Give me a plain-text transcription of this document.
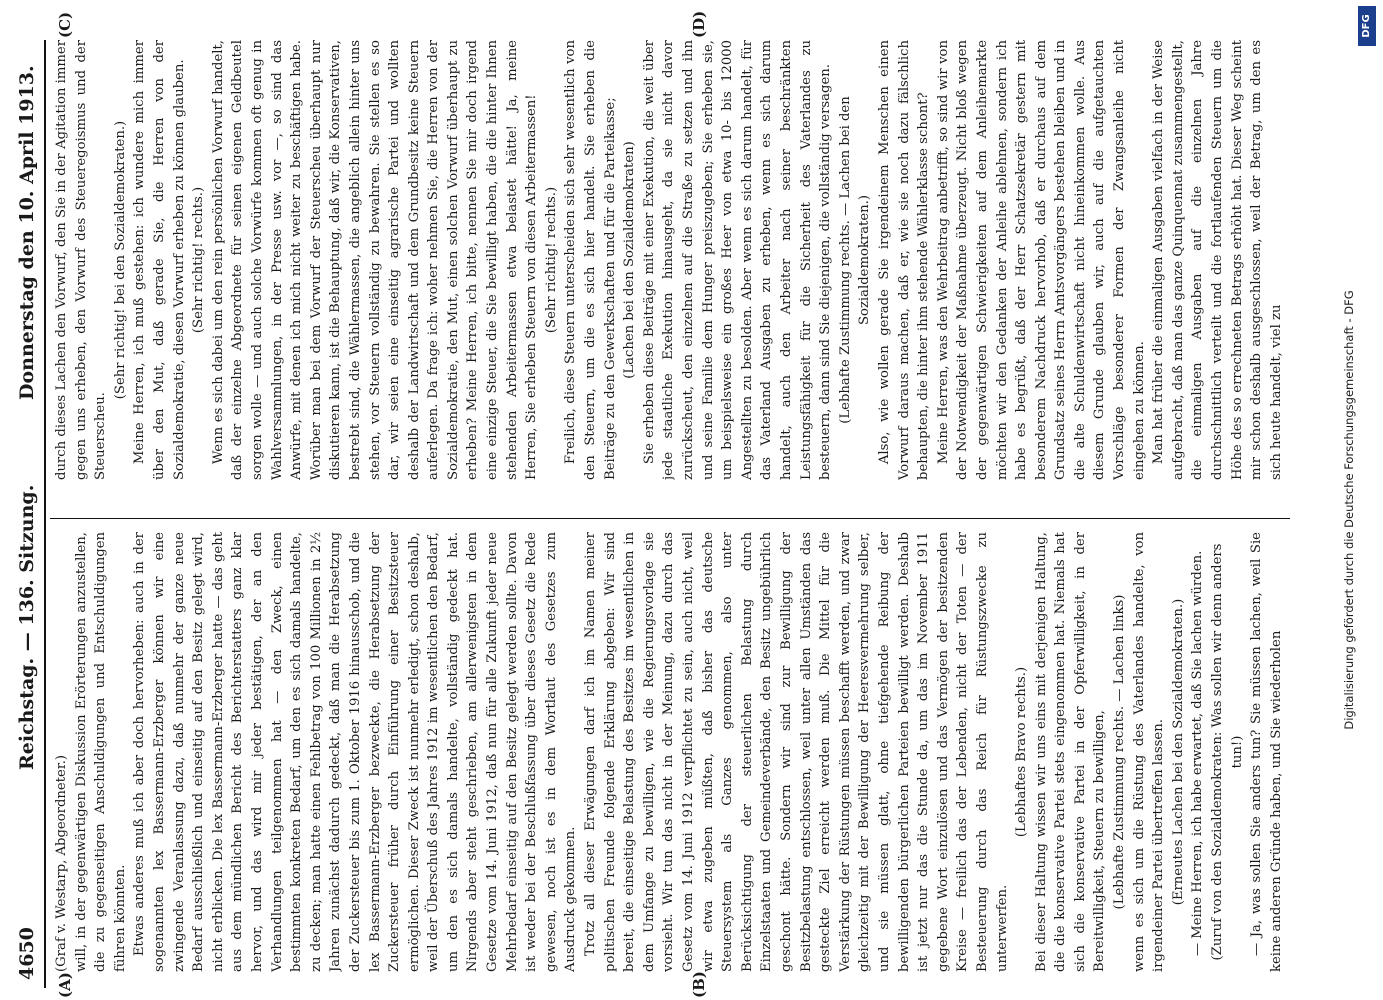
4650
Reichstag. — 136. Sitzung.
Donnerstag den 10. April 1913.
(A)	(B)
(C)	(D)

(Graf v. Westarp, Abgeordneter.) will, in der gegenwärtigen Diskussion Erörterungen anzustellen, die zu gegenseitigen Anschuldigungen und Entschuldigungen führen könnten. Etwas anderes muß ich aber doch hervorheben: auch in der sogenannten lex Bassermann-Erzberger können wir eine zwingende Veranlassung dazu, daß nunmehr der ganze neue Bedarf ausschließlich und einseitig auf den Besitz gelegt wird, nicht erblicken. Die lex Bassermann-Erzberger hatte — das geht aus dem mündlichen Bericht des Berichterstatters ganz klar hervor, und das wird mir jeder bestätigen, der an den Verhandlungen teilgenommen hat — den Zweck, einen bestimmten konkreten Bedarf, um den es sich damals handelte, zu decken; man hatte einen Fehlbetrag von 100 Millionen in 2½ Jahren zunächst dadurch gedeckt, daß man die Herabsetzung der Zuckersteuer bis zum 1. Oktober 1916 hinausschob, und die lex Bassermann-Erzberger bezweckte, die Herabsetzung der Zuckersteuer früher durch Einführung einer Besitzsteuer ermöglichen. Dieser Zweck ist nunmehr erledigt, schon deshalb, weil der Überschuß des Jahres 1912 im wesentlichen den Bedarf, um den es sich damals handelte, vollständig gedeckt hat. Nirgends aber steht geschrieben, am allerwenigsten in dem Gesetze vom 14. Juni 1912, daß nun für alle Zukunft jeder neue Mehrbedarf einseitig auf den Besitz gelegt werden sollte. Davon ist weder bei der Beschlußfassung über dieses Gesetz die Rede gewesen, noch ist es in dem Wortlaut des Gesetzes zum Ausdruck gekommen. Trotz all dieser Erwägungen darf ich im Namen meiner politischen Freunde folgende Erklärung abgeben: Wir sind bereit, die einseitige Belastung des Besitzes im wesentlichen in dem Umfange zu bewilligen, wie die Regierungsvorlage sie vorsieht. Wir tun das nicht in der Meinung, dazu durch das Gesetz vom 14. Juni 1912 verpflichtet zu sein, auch nicht, weil wir etwa zugeben müßten, daß bisher das deutsche Steuersystem als Ganzes genommen, also unter Berücksichtigung der steuerlichen Belastung durch Einzelstaaten und Gemeindeverbände, den Besitz ungebührlich geschont hätte. Sondern wir sind zur Bewilligung der Besitzbelastung entschlossen, weil unter allen Umständen das gesteckte Ziel erreicht werden muß. Die Mittel für die Verstärkung der Rüstungen müssen beschafft werden, und zwar gleichzeitig mit der Bewilligung der Heeresvermehrung selber, und sie müssen glatt, ohne tiefgehende Reibung der bewilligenden bürgerlichen Parteien bewilligt werden. Deshalb ist jetzt nur das die Stunde da, um das im November 1911 gegebene Wort einzulösen und das Vermögen der besitzenden Kreise — freilich das der Lebenden, nicht der Toten — der Besteuerung durch das Reich für Rüstungszwecke zu unterwerfen.

(Lebhaftes Bravo rechts.) Bei dieser Haltung wissen wir uns eins mit derjenigen Haltung, die die konservative Partei stets eingenommen hat. Niemals hat sich die konservative Partei in der Opferwilligkeit, in der Bereitwilligkeit, Steuern zu bewilligen, (Lebhafte Zustimmung rechts. — Lachen links) wenn es sich um die Rüstung des Vaterlandes handelte, von irgendeiner Partei übertreffen lassen. (Erneutes Lachen bei den Sozialdemokraten.) — Meine Herren, ich habe erwartet, daß Sie lachen würden. (Zuruf von den Sozialdemokraten: Was sollen wir denn anders tun!) — Ja, was sollen Sie anders tun? Sie müssen lachen, weil Sie keine anderen Gründe haben, und Sie wiederholen

durch dieses Lachen den Vorwurf, den Sie in der Agitation immer gegen uns erheben, den Vorwurf des Steueregoismus und der Steuerscheu.

(Sehr richtig! bei den Sozialdemokraten.) Meine Herren, ich muß gestehen: ich wundere mich immer über den Mut, daß gerade Sie, die Herren von der Sozialdemokratie, diesen Vorwurf erheben zu können glauben. (Sehr richtig! rechts.) Wenn es sich dabei um den rein persönlichen Vorwurf handelt, daß der einzelne Abgeordnete für seinen eigenen Geldbeutel sorgen wolle — und auch solche Vorwürfe kommen oft genug in Wahlversammlungen, in der Presse usw. vor —, so sind das Anwürfe, mit denen ich mich nicht weiter zu beschäftigen habe. Worüber man bei dem Vorwurf der Steuerscheu überhaupt nur diskutieren kann, ist die Behauptung, daß wir, die Konservativen, bestrebt sind, die Wählermassen, die angeblich allein hinter uns stehen, vor Steuern vollständig zu bewahren. Sie stellen es so dar, wir seien eine einseitig agrarische Partei und wollten deshalb der Landwirtschaft und dem Grundbesitz keine Steuern auferlegen. Da frage ich: woher nehmen Sie, die Herren von der Sozialdemokratie, den Mut, einen solchen Vorwurf überhaupt zu erheben? Meine Herren, ich bitte, nennen Sie mir doch irgend eine einzige Steuer, die Sie bewilligt haben, die die hinter Ihnen stehenden Arbeitermassen etwa belastet hätte! Ja, meine Herren, Sie erheben Steuern von diesen Arbeitermassen! (Sehr richtig! rechts.) Freilich, diese Steuern unterscheiden sich sehr wesentlich von den Steuern, um die es sich hier handelt. Sie erheben die Beiträge zu den Gewerkschaften und für die Parteikasse; (Lachen bei den Sozialdemokraten) Sie erheben diese Beiträge mit einer Exekution, die weit über jede staatliche Exekution hinausgeht, da sie nicht davor zurückscheut, den einzelnen auf die Straße zu setzen und ihn und seine Familie dem Hunger preiszugeben; Sie erheben sie, um beispielsweise ein großes Heer von etwa 10- bis 12000 Angestellten zu besolden. Aber wenn es sich darum handelt, für das Vaterland Ausgaben zu erheben, wenn es sich darum handelt, auch den Arbeiter nach seiner beschränkten Leistungsfähigkeit für die Sicherheit des Vaterlandes zu besteuern, dann sind Sie diejenigen, die vollständig versagen. (Lebhafte Zustimmung rechts. — Lachen bei den Sozialdemokraten.) Also, wie wollen gerade Sie irgendeinem Menschen einen Vorwurf daraus machen, daß er, wie sie noch dazu fälschlich behaupten, die hinter ihm stehende Wählerklasse schont? Meine Herren, was den Wehrbeitrag anbetrifft, so sind wir von der Notwendigkeit der Maßnahme überzeugt. Nicht bloß wegen der gegenwärtigen Schwierigkeiten auf dem Anleihemarkte möchten wir den Gedanken der Anleihe ablehnen, sondern ich habe es begrüßt, daß der Herr Schatzsekretär gestern mit besonderem Nachdruck hervorhob, daß er durchaus auf dem Grundsatz seines Herrn Amtsvorgängers bestehen bleiben und in die alte Schuldenwirtschaft nicht hineinkommen wolle. Aus diesem Grunde glauben wir, auch auf die aufgetauchten Vorschläge besonderer Formen der Zwangsanleihe nicht eingehen zu können. Man hat früher die einmaligen Ausgaben vielfach in der Weise aufgebracht, daß man das ganze Quinquennat zusammengestellt, die einmaligen Ausgaben auf die einzelnen Jahre durchschnittlich verteilt und die fortlaufenden Steuern um die Höhe des so errechneten Betrags erhöht hat. Dieser Weg scheint mir schon deshalb ausgeschlossen, weil der Betrag, um den es sich heute handelt, viel zu	Digitalisierung gefördert durch die Deutsche Forschungsgemeinschaft - DFG
DFG
